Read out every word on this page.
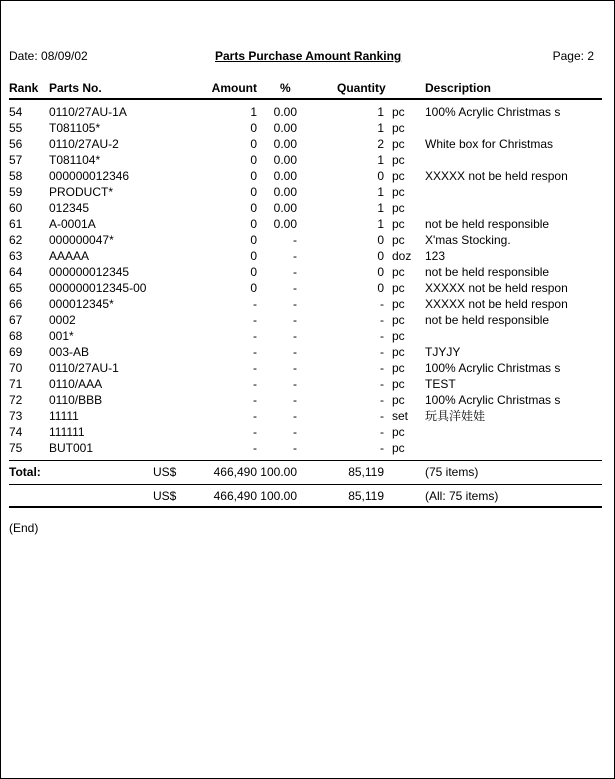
Date: 08/09/02	Parts Purchase Amount Ranking	Page: 2
Rank Parts No.	Amount %	Quantity	Description
54 0110/27AU-1A	1 0.00	1 pc 100% Acrylic Christmas s
55 T081105*	0 0.00	1 pc
56 0110/27AU-2	0 0.00	2 pc White box for Christmas
57 T081104*	0 0.00	1 pc
58 000000012346	0 0.00	0 pc XXXXX not be held respon
59 PRODUCT*	0 0.00	1 pc
60 012345	0 0.00	1 pc
61 A-0001A	0 0.00	1 pc not be held responsible
62 000000047*	0	-	0 pc X'mas Stocking.
63 AAAAA	0	-	0 doz 123
64 000000012345	0	-	0 pc not be held responsible
65 000000012345-00	0	-	0 pc XXXXX not be held respon
66 000012345*	-	-	- pc XXXXX not be held respon
67 0002	-	-	- pc not be held responsible
68 001*	-	-	- pc
69 003-AB	-	-	- pc TJYJY
70 0110/27AU-1	-	-	- pc 100% Acrylic Christmas s
71 0110/AAA	-	-	- pc TEST
72 0110/BBB	-	-	- pc 100% Acrylic Christmas s
73 11111	-	-	- set 玩具洋娃娃
74 111111	-	-	- pc
75 BUT001	-	-	- pc
Total:	US$	466,490 100.00	85,119	(75 items)
US$	466,490 100.00	85,119	(All: 75 items)
(End)
